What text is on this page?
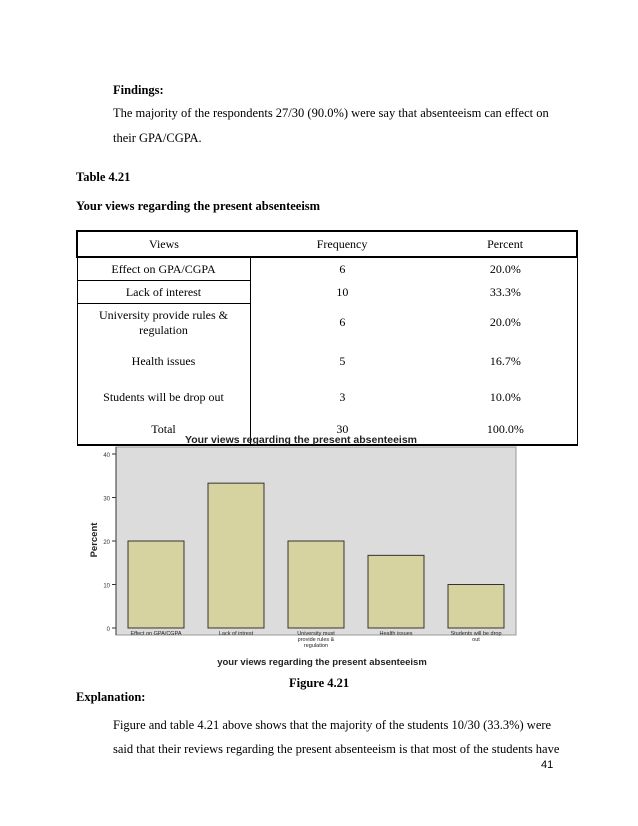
Findings:
The majority of the respondents 27/30 (90.0%) were say that absenteeism can effect on
their GPA/CGPA.
Table 4.21
Your views regarding the present absenteeism
Views	Frequency	Percent
Effect on GPA/CGPA	6	20.0%
Lack of interest	10	33.3%
University provide rules & regulation	6	20.0%
Health issues	5	16.7%
Students will be drop out	3	10.0%
Total	30	100.0%
Your views regarding the present absenteeism
0
10
20
30
40
Effect on GPA/CGPA	Lack of intrest	University must provide rules & regulation
Health issues	Students will be drop out
Percent
your views regarding the present absenteeism
Figure 4.21
Explanation:
Figure and table 4.21 above shows that the majority of the students 10/30 (33.3%) were
said that their reviews regarding the present absenteeism is that most of the students have
41
